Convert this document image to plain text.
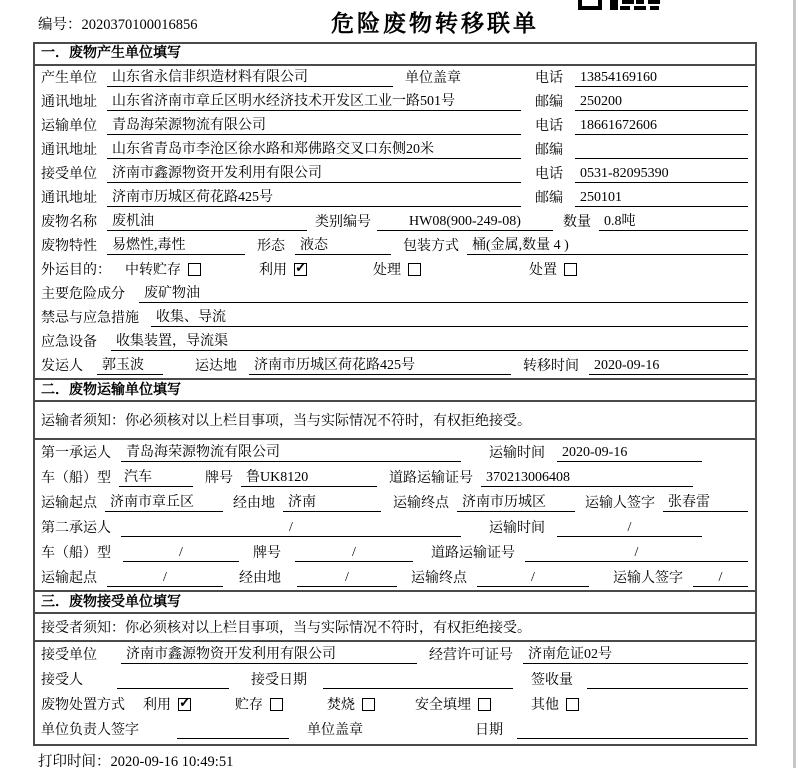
编号：2020370100016856	危险废物转移联单
一．废物产生单位填写
产生单位	山东省永信非织造材料有限公司	单位盖章	电话	13854169160
通讯地址	山东省济南市章丘区明水经济技术开发区工业一路501号	邮编	250200
运输单位	青岛海荣源物流有限公司	电话	18661672606
通讯地址	山东省青岛市李沧区徐水路和郑佛路交叉口东侧20米	邮编
接受单位	济南市鑫源物资开发利用有限公司	电话	0531-82095390
通讯地址	济南市历城区荷花路425号	邮编	250101
废物名称	废机油	类别编号	HW08(900-249-08)	数量 0.8吨
废物特性	易燃性,毒性	形态	液态	包装方式 桶(金属,数量 4 )
外运目的： 中转贮存	利用 ✓	处理	处置
主要危险成分	废矿物油
禁忌与应急措施	收集、导流
应急设备	收集装置，导流渠
发运人	郭玉波	运达地	济南市历城区荷花路425号	转移时间	2020-09-16
二．废物运输单位填写
运输者须知：你必须核对以上栏目事项，当与实际情况不符时，有权拒绝接受。
第一承运人	青岛海荣源物流有限公司	运输时间	2020-09-16
车（船）型 汽车	牌号 鲁UK8120	道路运输证号 370213006408
运输起点 济南市章丘区	经由地 济南	运输终点 济南市历城区	运输人签字 张春雷
第二承运人	/	运输时间	/
车（船）型	/	牌号	/	道路运输证号	/
运输起点	/	经由地	/	运输终点	/	运输人签字	/
三．废物接受单位填写
接受者须知：你必须核对以上栏目事项，当与实际情况不符时，有权拒绝接受。
接受单位	济南市鑫源物资开发利用有限公司	经营许可证号	济南危证02号
接受人	接受日期	签收量
废物处置方式 利用 ✓	贮存	焚烧	安全填埋	其他
单位负责人签字	单位盖章	日期
打印时间：2020-09-16 10:49:51
